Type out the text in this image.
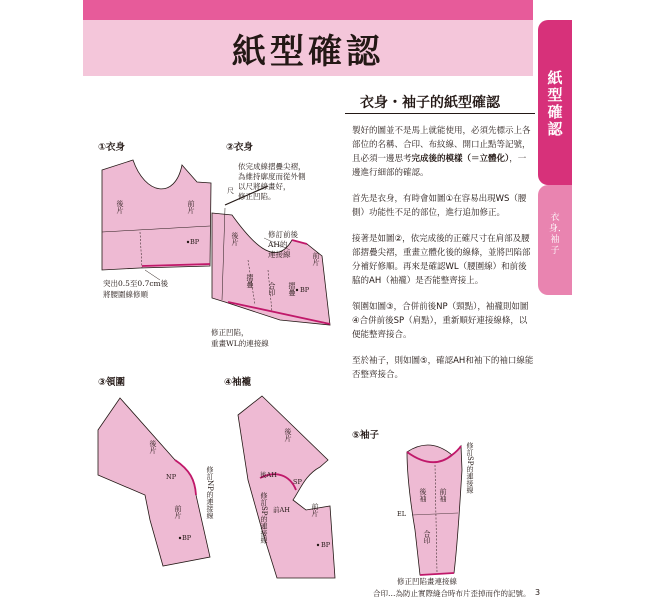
紙型確認
紙型確認
衣身．袖子
衣身・袖子的紙型確認
製好的圖並不是馬上就能使用，必須先標示上各部位的名稱、合印、布紋線、開口止點等記號，且必須一邊思考完成後的模樣（＝立體化），一邊進行細部的確認。
首先是衣身，有時會如圖①在容易出現WS（腰側）功能性不足的部位，進行追加修正。
接著是如圖②，依完成後的正確尺寸在肩部及腰部摺疊尖褶，重畫立體化後的線條，並將凹陷部分補好修順。再來是確認WL（腰圍線）和前後脇的AH（袖襱）是否能整齊接上。
領圍如圖③，合併前後NP（頸點），袖襱則如圖④合併前後SP（肩點），重新順好連接線條，以便能整齊接合。
至於袖子，則如圖⑤，確認AH和袖下的袖口線能否整齊接合。
①衣身
後片	前片
BP
突出0.5至0.7cm後
將腰圍線修順
②衣身
依完成線摺疊尖褶，
為維持廓度而從外側
以尺將線畫好，
修正凹陷。
尺
後片
前片
摺疊
合印 摺疊 BP
修訂前後
AH的
連接線
修正凹陷，
重畫WL的連接線
③領圍
後片
前片
NP
BP
修訂NP的連接線
④袖襱
後片
前片
後AH
前AH
SP
BP
修訂SP的連接線
⑤袖子
後袖 前袖
EL
合印
修訂SP的連接線
修正凹陷畫連接線
合印…為防止實際縫合時布片歪掉而作的記號。 3
